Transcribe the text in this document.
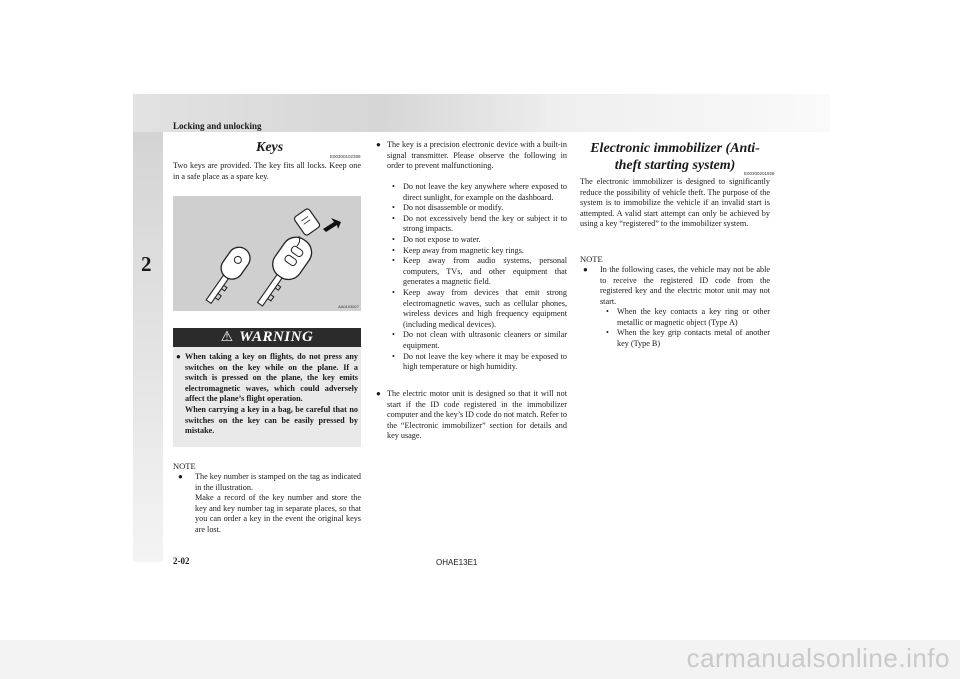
Locking and unlocking
2
Keys
E00300102399
Two keys are provided. The key fits all locks. Keep one in a safe place as a spare key.
AA0103527
⚠ WARNING
● When taking a key on flights, do not press any switches on the key while on the plane. If a switch is pressed on the plane, the key emits electromagnetic waves, which could adversely affect the plane’s flight operation.
When carrying a key in a bag, be careful that no switches on the key can be easily pressed by mistake.
NOTE
● The key number is stamped on the tag as indicated in the illustration.
Make a record of the key number and store the key and key number tag in separate places, so that you can order a key in the event the original keys are lost.
● The key is a precision electronic device with a built-in signal transmitter. Please observe the following in order to prevent malfunctioning.
• Do not leave the key anywhere where exposed to direct sunlight, for example on the dashboard.
• Do not disassemble or modify.
• Do not excessively bend the key or subject it to strong impacts.
• Do not expose to water.
• Keep away from magnetic key rings.
• Keep away from audio systems, personal computers, TVs, and other equipment that generates a magnetic field.
• Keep away from devices that emit strong electromagnetic waves, such as cellular phones, wireless devices and high frequency equipment (including medical devices).
• Do not clean with ultrasonic cleaners or similar equipment.
• Do not leave the key where it may be exposed to high temperature or high humidity.
● The electric motor unit is designed so that it will not start if the ID code registered in the immobilizer computer and the key’s ID code do not match. Refer to the “Electronic immobilizer” section for details and key usage.
Electronic immobilizer (Anti-
theft starting system)
E00300201928
The electronic immobilizer is designed to significantly reduce the possibility of vehicle theft. The purpose of the system is to immobilize the vehicle if an invalid start is attempted. A valid start attempt can only be achieved by using a key “registered” to the immobilizer system.
NOTE
● In the following cases, the vehicle may not be able to receive the registered ID code from the registered key and the electric motor unit may not start.
• When the key contacts a key ring or other metallic or magnetic object (Type A)
• When the key grip contacts metal of another key (Type B)
2-02	OHAE13E1
carmanualsonline.info
